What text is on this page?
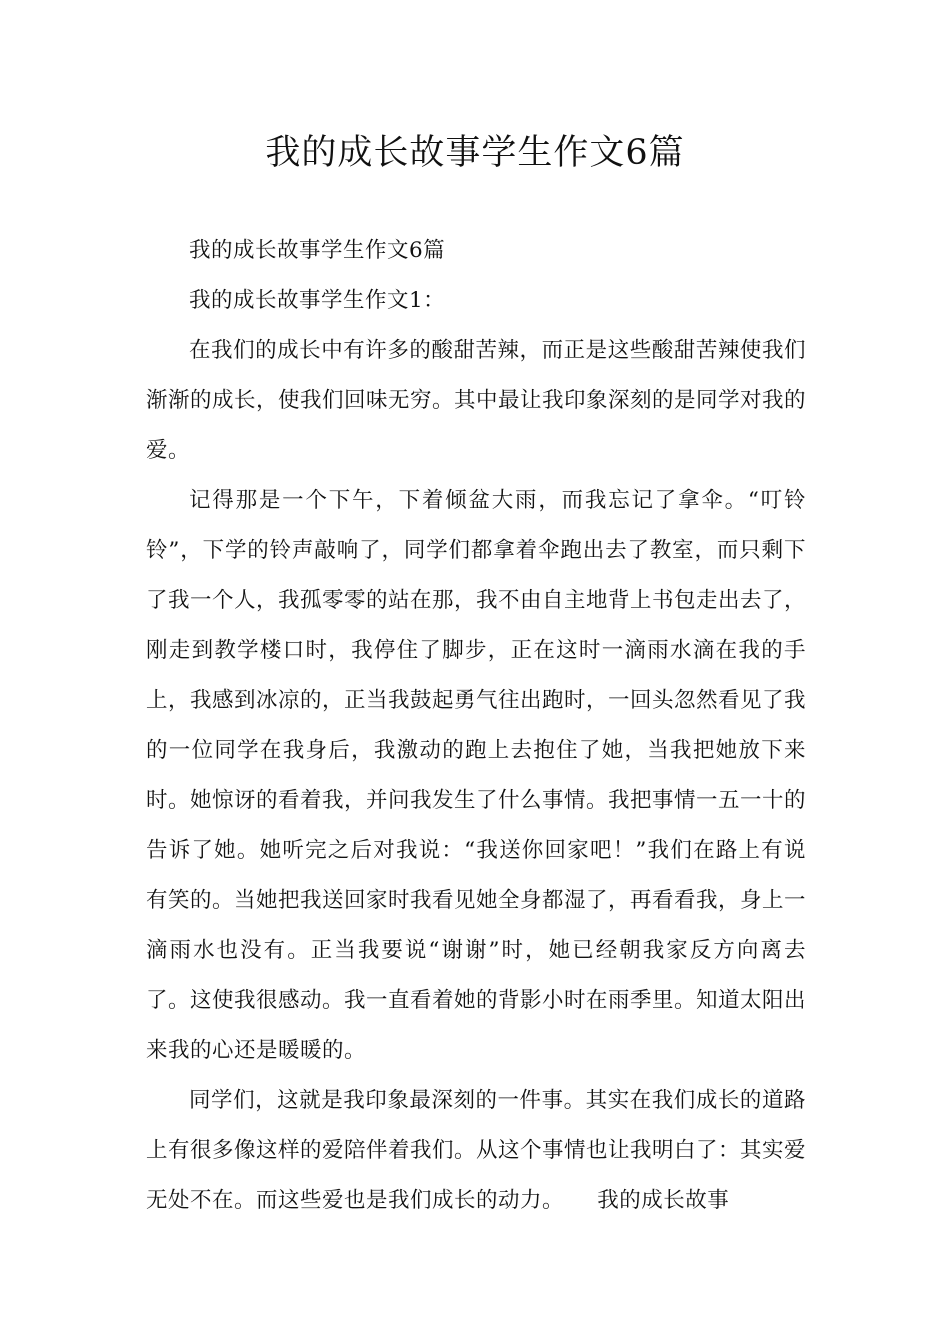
我的成长故事学生作文6篇

我的成长故事学生作文6篇

我的成长故事学生作文1：

在我们的成长中有许多的酸甜苦辣，而正是这些酸甜苦辣使我们渐渐的成长，使我们回味无穷。其中最让我印象深刻的是同学对我的爱。

记得那是一个下午，下着倾盆大雨，而我忘记了拿伞。“叮铃铃”，下学的铃声敲响了，同学们都拿着伞跑出去了教室，而只剩下了我一个人，我孤零零的站在那，我不由自主地背上书包走出去了，刚走到教学楼口时，我停住了脚步，正在这时一滴雨水滴在我的手上，我感到冰凉的，正当我鼓起勇气往出跑时，一回头忽然看见了我的一位同学在我身后，我激动的跑上去抱住了她，当我把她放下来时。她惊讶的看着我，并问我发生了什么事情。我把事情一五一十的告诉了她。她听完之后对我说：“我送你回家吧！”我们在路上有说有笑的。当她把我送回家时我看见她全身都湿了，再看看我，身上一滴雨水也没有。正当我要说“谢谢”时，她已经朝我家反方向离去了。这使我很感动。我一直看着她的背影小时在雨季里。知道太阳出来我的心还是暖暖的。

同学们，这就是我印象最深刻的一件事。其实在我们成长的道路上有很多像这样的爱陪伴着我们。从这个事情也让我明白了：其实爱无处不在。而这些爱也是我们成长的动力。　　我的成长故事
